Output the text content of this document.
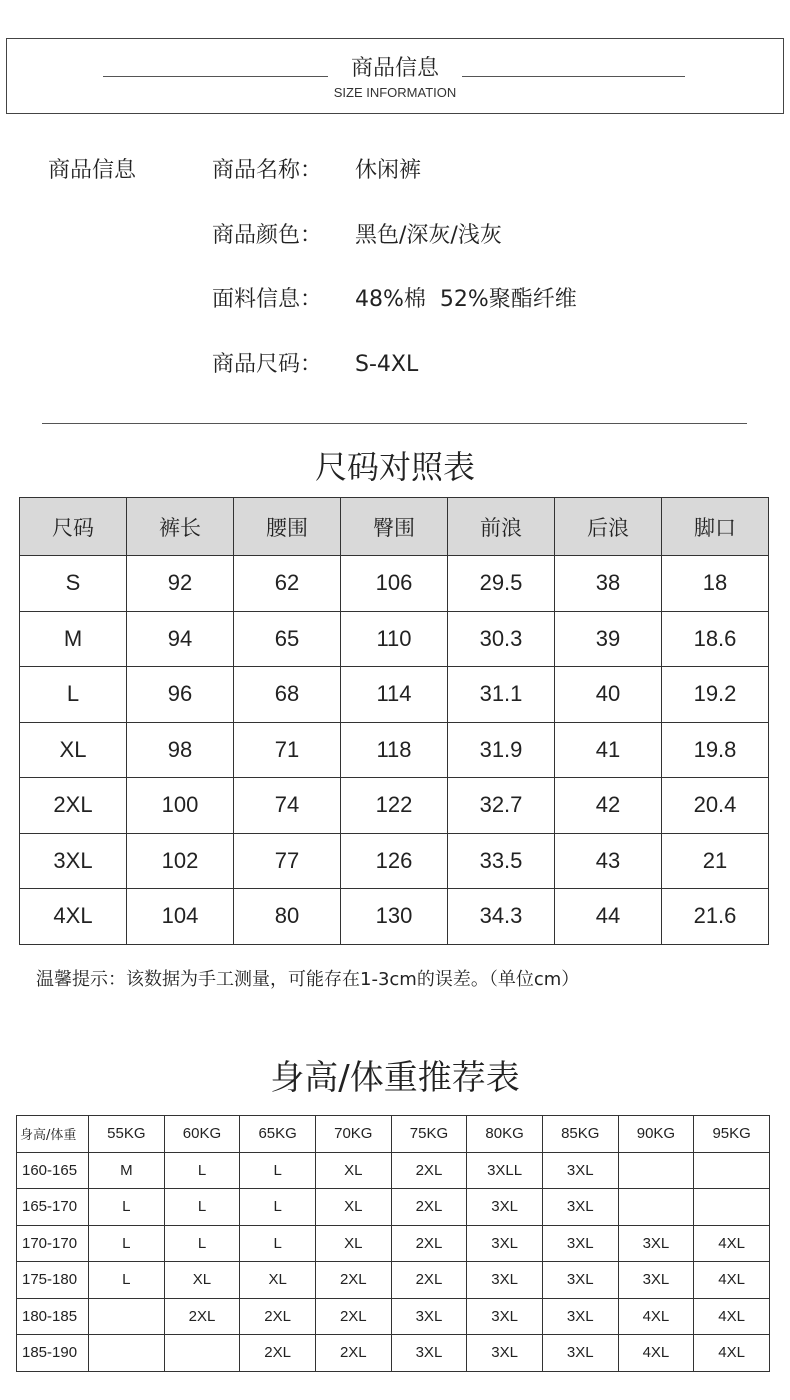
商品信息
SIZE INFORMATION
商品信息	商品名称： 休闲裤
商品颜色： 黑色/深灰/浅灰
面料信息： 48%棉  52%聚酯纤维
商品尺码： S-4XL
尺码对照表
尺码	裤长	腰围	臀围	前浪	后浪	脚口
S	92	62	106	29.5	38	18
M	94	65	110	30.3	39	18.6
L	96	68	114	31.1	40	19.2
XL	98	71	118	31.9	41	19.8
2XL	100	74	122	32.7	42	20.4
3XL	102	77	126	33.5	43	21
4XL	104	80	130	34.3	44	21.6
温馨提示：该数据为手工测量，可能存在1-3cm的误差。（单位cm）
身高/体重推荐表
身高/体重	55KG	60KG	65KG	70KG	75KG	80KG	85KG	90KG	95KG
160-165	M	L	L	XL	2XL	3XLL	3XL		
165-170	L	L	L	XL	2XL	3XL	3XL		
170-170	L	L	L	XL	2XL	3XL	3XL	3XL	4XL
175-180	L	XL	XL	2XL	2XL	3XL	3XL	3XL	4XL
180-185		2XL	2XL	2XL	3XL	3XL	3XL	4XL	4XL
185-190			2XL	2XL	3XL	3XL	3XL	4XL	4XL
